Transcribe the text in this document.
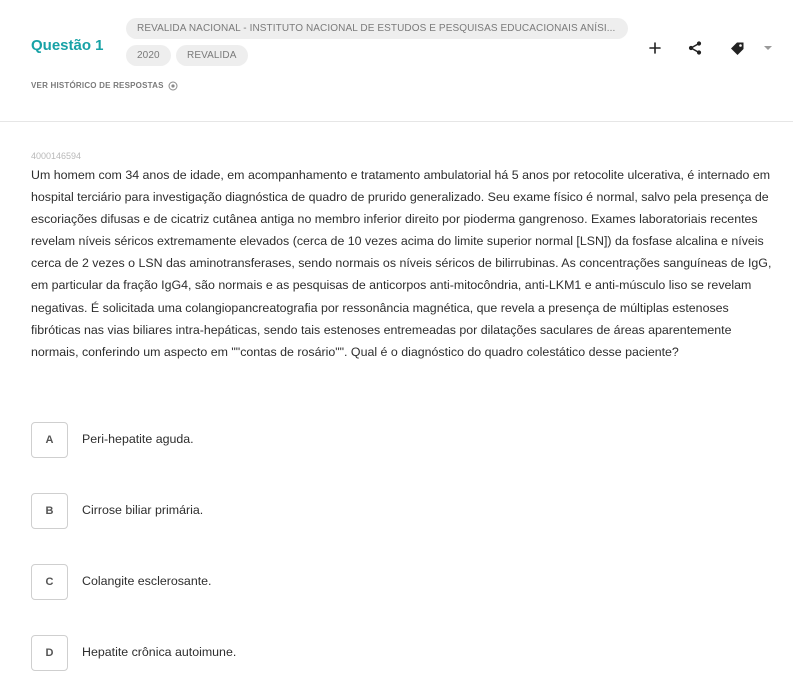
Questão 1
REVALIDA NACIONAL - INSTITUTO NACIONAL DE ESTUDOS E PESQUISAS EDUCACIONAIS ANÍSI...
2020	REVALIDA
VER HISTÓRICO DE RESPOSTAS
4000146594
Um homem com 34 anos de idade, em acompanhamento e tratamento ambulatorial há 5 anos por retocolite ulcerativa, é internado em hospital terciário para investigação diagnóstica de quadro de prurido generalizado. Seu exame físico é normal, salvo pela presença de escoriações difusas e de cicatriz cutânea antiga no membro inferior direito por pioderma gangrenoso. Exames laboratoriais recentes revelam níveis séricos extremamente elevados (cerca de 10 vezes acima do limite superior normal [LSN]) da fosfase alcalina e níveis cerca de 2 vezes o LSN das aminotransferases, sendo normais os níveis séricos de bilirrubinas. As concentrações sanguíneas de IgG, em particular da fração IgG4, são normais e as pesquisas de anticorpos anti-mitocôndria, anti-LKM1 e anti-músculo liso se revelam negativas. É solicitada uma colangiopancreatografia por ressonância magnética, que revela a presença de múltiplas estenoses fibróticas nas vias biliares intra-hepáticas, sendo tais estenoses entremeadas por dilatações saculares de áreas aparentemente normais, conferindo um aspecto em ""contas de rosário"". Qual é o diagnóstico do quadro colestático desse paciente?
A	Peri-hepatite aguda.
B	Cirrose biliar primária.
C	Colangite esclerosante.
D	Hepatite crônica autoimune.
